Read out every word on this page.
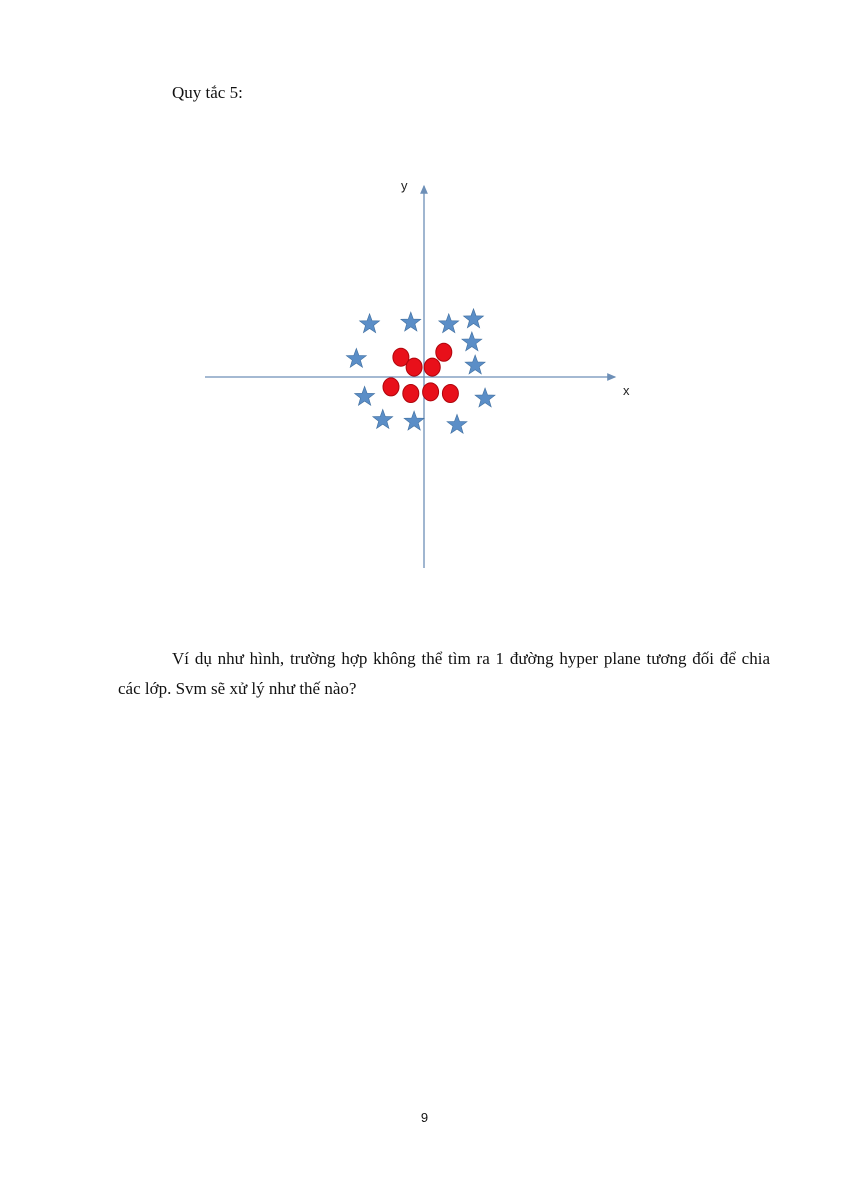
Quy tắc 5:

x
y

Ví dụ như hình, trường hợp không thể tìm ra 1 đường hyper plane tương đối để chia các lớp. Svm sẽ xử lý như thế nào?

9
